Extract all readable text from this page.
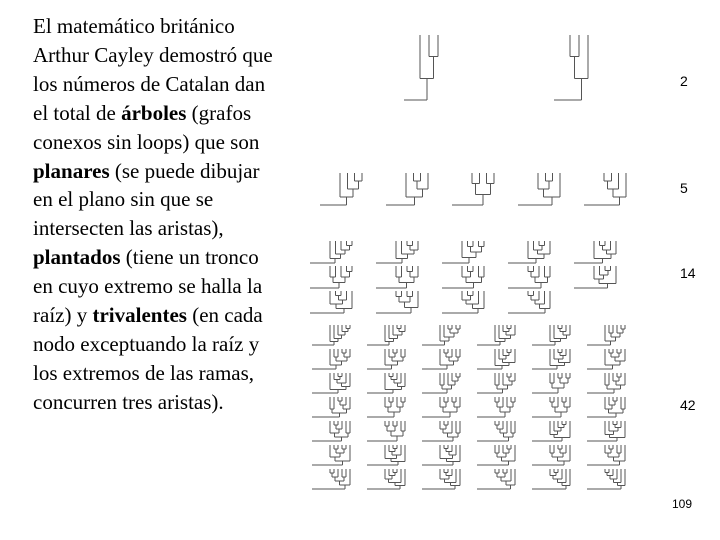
El matemático británico Arthur Cayley demostró que los números de Catalan dan el total de árboles (grafos conexos sin loops) que son planares (se puede dibujar en el plano sin que se intersecten las aristas), plantados (tiene un tronco en cuyo extremo se halla la raíz) y trivalentes (en cada nodo exceptuando la raíz y los extremos de las ramas, concurren tres aristas).
2
5
14
42
109
